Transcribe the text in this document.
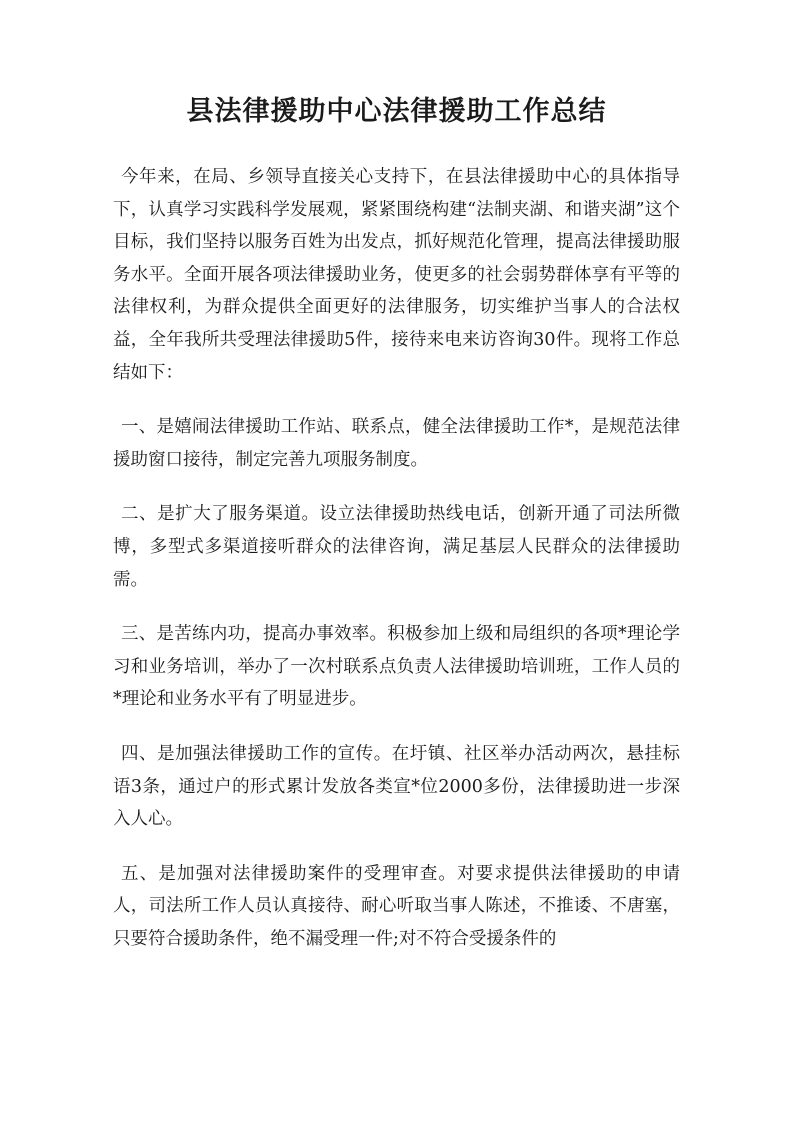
县法律援助中心法律援助工作总结

今年来，在局、乡领导直接关心支持下，在县法律援助中心的具体指导下，认真学习实践科学发展观，紧紧围绕构建“法制夹湖、和谐夹湖”这个目标，我们坚持以服务百姓为出发点，抓好规范化管理，提高法律援助服务水平。全面开展各项法律援助业务，使更多的社会弱势群体享有平等的法律权利，为群众提供全面更好的法律服务，切实维护当事人的合法权益，全年我所共受理法律援助5件，接待来电来访咨询30件。现将工作总结如下：

一、是嬉闹法律援助工作站、联系点，健全法律援助工作*，是规范法律援助窗口接待，制定完善九项服务制度。

二、是扩大了服务渠道。设立法律援助热线电话，创新开通了司法所微博，多型式多渠道接听群众的法律咨询，满足基层人民群众的法律援助需。

三、是苦练内功，提高办事效率。积极参加上级和局组织的各项*理论学习和业务培训，举办了一次村联系点负责人法律援助培训班，工作人员的*理论和业务水平有了明显进步。

四、是加强法律援助工作的宣传。在圩镇、社区举办活动两次，悬挂标语3条，通过户的形式累计发放各类宣*位2000多份，法律援助进一步深入人心。

五、是加强对法律援助案件的受理审查。对要求提供法律援助的申请人，司法所工作人员认真接待、耐心听取当事人陈述，不推诿、不唐塞，只要符合援助条件，绝不漏受理一件;对不符合受援条件的
